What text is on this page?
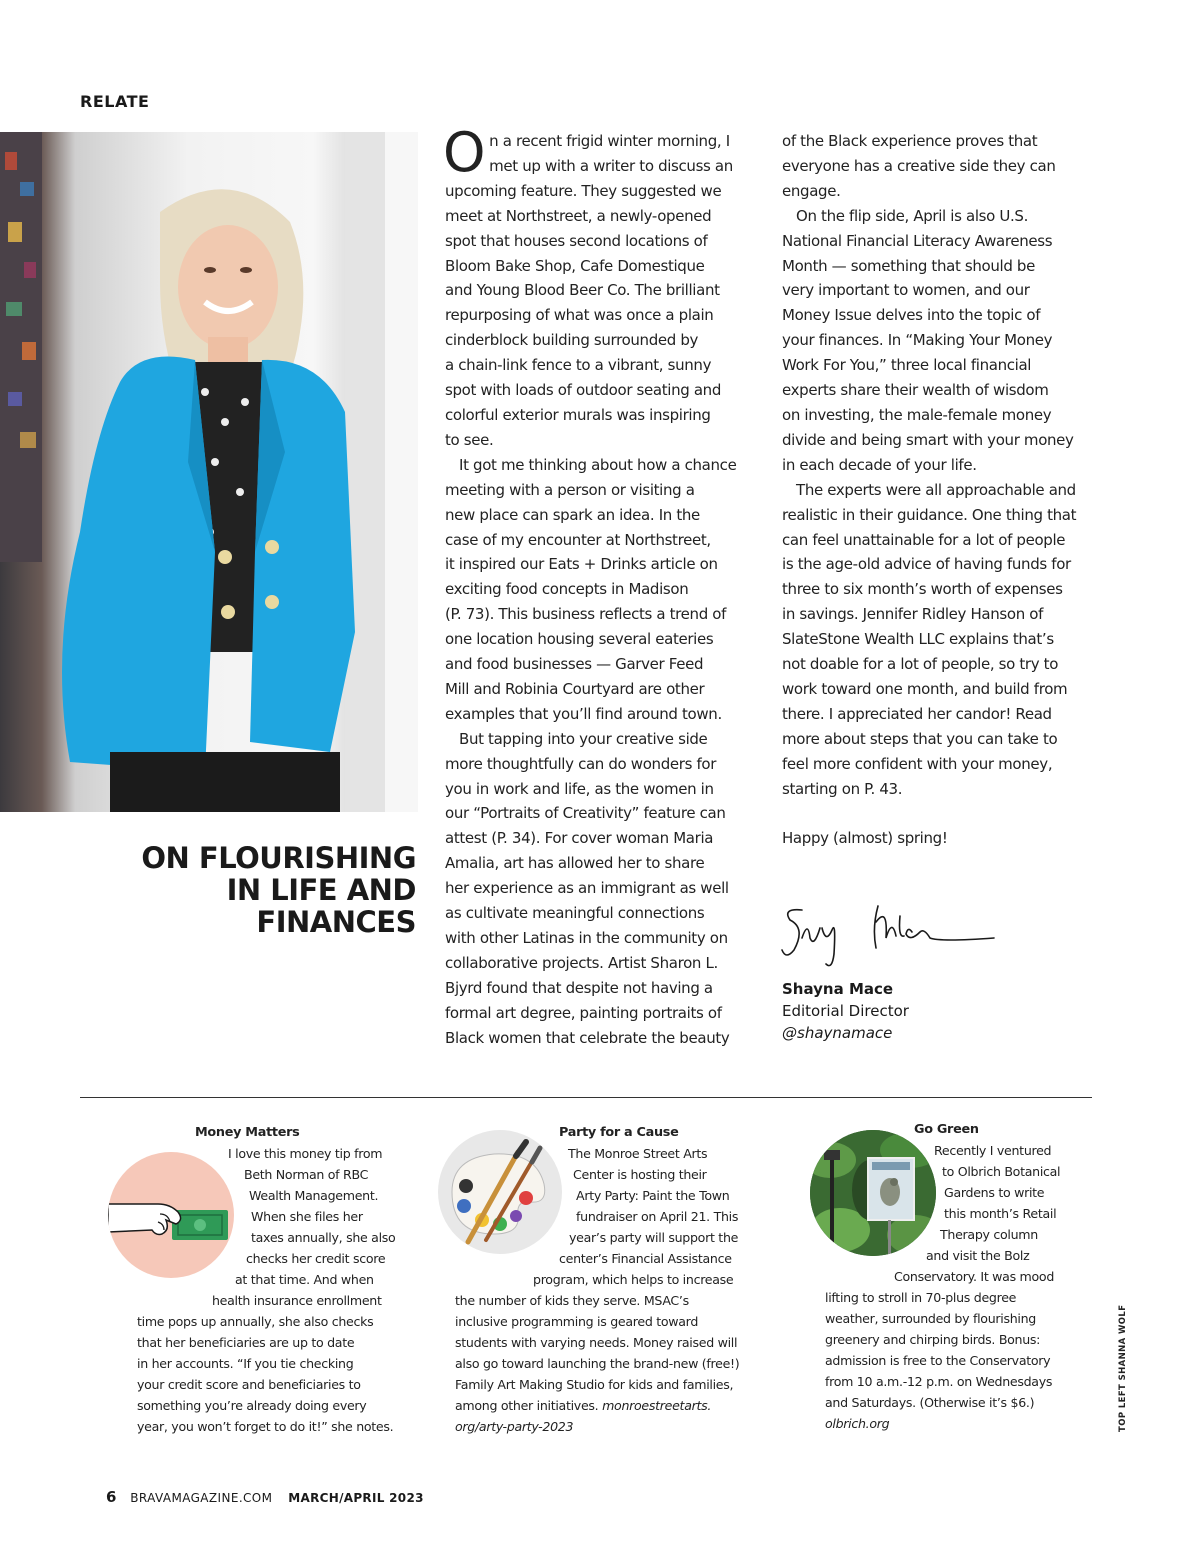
RELATE
ON FLOURISHING
IN LIFE AND
FINANCES
O n a recent frigid winter morning, I
met up with a writer to discuss an
upcoming feature. They suggested we
meet at Northstreet, a newly-opened
spot that houses second locations of
Bloom Bake Shop, Cafe Domestique
and Young Blood Beer Co. The brilliant
repurposing of what was once a plain
cinderblock building surrounded by
a chain-link fence to a vibrant, sunny
spot with loads of outdoor seating and
colorful exterior murals was inspiring
to see.

It got me thinking about how a chance
meeting with a person or visiting a
new place can spark an idea. In the
case of my encounter at Northstreet,
it inspired our Eats + Drinks article on
exciting food concepts in Madison
(P. 73). This business reflects a trend of
one location housing several eateries
and food businesses — Garver Feed
Mill and Robinia Courtyard are other
examples that you’ll find around town.

But tapping into your creative side
more thoughtfully can do wonders for
you in work and life, as the women in
our “Portraits of Creativity” feature can
attest (P. 34). For cover woman Maria
Amalia, art has allowed her to share
her experience as an immigrant as well
as cultivate meaningful connections
with other Latinas in the community on
collaborative projects. Artist Sharon L.
Bjyrd found that despite not having a
formal art degree, painting portraits of
Black women that celebrate the beauty

of the Black experience proves that
everyone has a creative side they can
engage.

On the flip side, April is also U.S.
National Financial Literacy Awareness
Month — something that should be
very important to women, and our
Money Issue delves into the topic of
your finances. In “Making Your Money
Work For You,” three local financial
experts share their wealth of wisdom
on investing, the male-female money
divide and being smart with your money
in each decade of your life.

The experts were all approachable and
realistic in their guidance. One thing that
can feel unattainable for a lot of people
is the age-old advice of having funds for
three to six month’s worth of expenses
in savings. Jennifer Ridley Hanson of
SlateStone Wealth LLC explains that’s
not doable for a lot of people, so try to
work toward one month, and build from
there. I appreciated her candor! Read
more about steps that you can take to
feel more confident with your money,
starting on P. 43.

Happy (almost) spring!

Shayna Mace
Editorial Director
@shaynamace
Money Matters
I love this money tip from
Beth Norman of RBC
Wealth Management.
When she files her
taxes annually, she also
checks her credit score
at that time. And when
health insurance enrollment
time pops up annually, she also checks
that her beneficiaries are up to date
in her accounts. “If you tie checking
your credit score and beneficiaries to
something you’re already doing every
year, you won’t forget to do it!” she notes.
Party for a Cause
The Monroe Street Arts
Center is hosting their
Arty Party: Paint the Town
fundraiser on April 21. This
year’s party will support the
center’s Financial Assistance
program, which helps to increase
the number of kids they serve. MSAC’s
inclusive programming is geared toward
students with varying needs. Money raised will
also go toward launching the brand-new (free!)
Family Art Making Studio for kids and families,
among other initiatives. monroestreetarts.
org/arty-party-2023
Go Green
Recently I ventured
to Olbrich Botanical
Gardens to write
this month’s Retail
Therapy column
and visit the Bolz
Conservatory. It was mood
lifting to stroll in 70-plus degree
weather, surrounded by flourishing
greenery and chirping birds. Bonus:
admission is free to the Conservatory
from 10 a.m.-12 p.m. on Wednesdays
and Saturdays. (Otherwise it’s $6.)
olbrich.org	TOP LEFT SHANNA WOLF
6 BRAVAMAGAZINE.COM MARCH/APRIL 2023
